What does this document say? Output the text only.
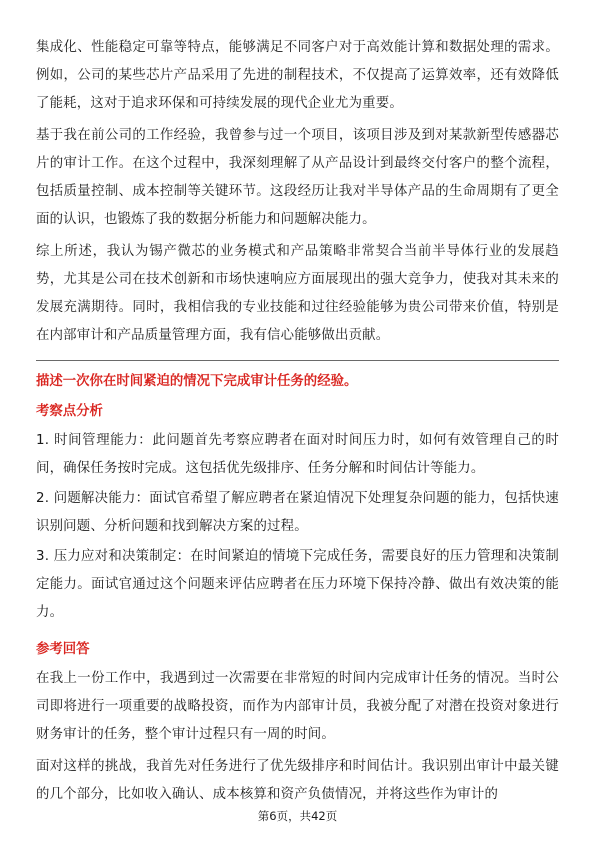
集成化、性能稳定可靠等特点，能够满足不同客户对于高效能计算和数据处理的需求。例如，公司的某些芯片产品采用了先进的制程技术，不仅提高了运算效率，还有效降低了能耗，这对于追求环保和可持续发展的现代企业尤为重要。

基于我在前公司的工作经验，我曾参与过一个项目，该项目涉及到对某款新型传感器芯片的审计工作。在这个过程中，我深刻理解了从产品设计到最终交付客户的整个流程，包括质量控制、成本控制等关键环节。这段经历让我对半导体产品的生命周期有了更全面的认识，也锻炼了我的数据分析能力和问题解决能力。

综上所述，我认为锡产微芯的业务模式和产品策略非常契合当前半导体行业的发展趋势，尤其是公司在技术创新和市场快速响应方面展现出的强大竞争力，使我对其未来的发展充满期待。同时，我相信我的专业技能和过往经验能够为贵公司带来价值，特别是在内部审计和产品质量管理方面，我有信心能够做出贡献。

描述一次你在时间紧迫的情况下完成审计任务的经验。

考察点分析

1. 时间管理能力：此问题首先考察应聘者在面对时间压力时，如何有效管理自己的时间，确保任务按时完成。这包括优先级排序、任务分解和时间估计等能力。

2. 问题解决能力：面试官希望了解应聘者在紧迫情况下处理复杂问题的能力，包括快速识别问题、分析问题和找到解决方案的过程。

3. 压力应对和决策制定：在时间紧迫的情境下完成任务，需要良好的压力管理和决策制定能力。面试官通过这个问题来评估应聘者在压力环境下保持冷静、做出有效决策的能力。

参考回答

在我上一份工作中，我遇到过一次需要在非常短的时间内完成审计任务的情况。当时公司即将进行一项重要的战略投资，而作为内部审计员，我被分配了对潜在投资对象进行财务审计的任务，整个审计过程只有一周的时间。

面对这样的挑战，我首先对任务进行了优先级排序和时间估计。我识别出审计中最关键的几个部分，比如收入确认、成本核算和资产负债情况，并将这些作为审计的

第6页，共42页
